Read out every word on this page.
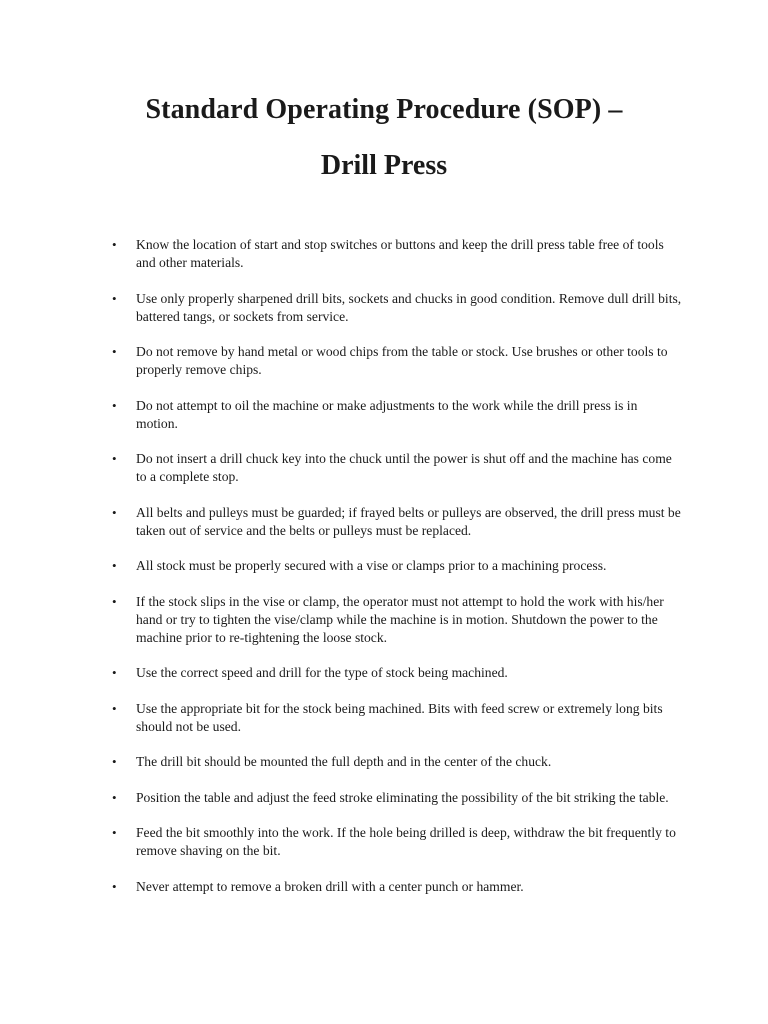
Standard Operating Procedure (SOP) –
Drill Press
•	Know the location of start and stop switches or buttons and keep the drill press table free of tools and other materials.
•	Use only properly sharpened drill bits, sockets and chucks in good condition. Remove dull drill bits, battered tangs, or sockets from service.
•	Do not remove by hand metal or wood chips from the table or stock. Use brushes or other tools to properly remove chips.
•	Do not attempt to oil the machine or make adjustments to the work while the drill press is in motion.
•	Do not insert a drill chuck key into the chuck until the power is shut off and the machine has come to a complete stop.
•	All belts and pulleys must be guarded; if frayed belts or pulleys are observed, the drill press must be taken out of service and the belts or pulleys must be replaced.
•	All stock must be properly secured with a vise or clamps prior to a machining process.
•	If the stock slips in the vise or clamp, the operator must not attempt to hold the work with his/her hand or try to tighten the vise/clamp while the machine is in motion. Shutdown the power to the machine prior to re-tightening the loose stock.
•	Use the correct speed and drill for the type of stock being machined.
•	Use the appropriate bit for the stock being machined. Bits with feed screw or extremely long bits should not be used.
•	The drill bit should be mounted the full depth and in the center of the chuck.
•	Position the table and adjust the feed stroke eliminating the possibility of the bit striking the table.
•	Feed the bit smoothly into the work. If the hole being drilled is deep, withdraw the bit frequently to remove shaving on the bit.
•	Never attempt to remove a broken drill with a center punch or hammer.
